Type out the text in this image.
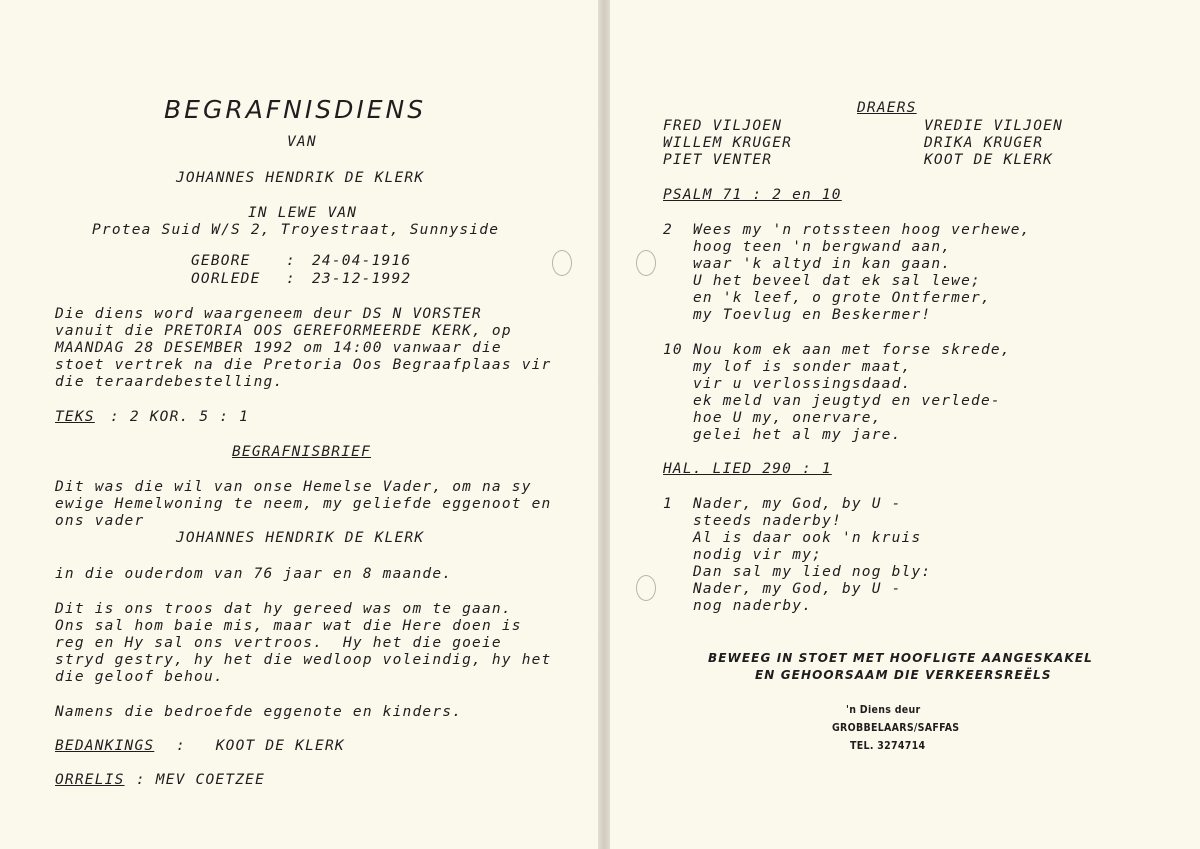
BEGRAFNISDIENS
VAN
JOHANNES HENDRIK DE KLERK
IN LEWE VAN
Protea Suid W/S 2, Troyestraat, Sunnyside
GEBORE : 24-04-1916
OORLEDE : 23-12-1992
Die diens word waargeneem deur DS N VORSTER
vanuit die PRETORIA OOS GEREFORMEERDE KERK, op
MAANDAG 28 DESEMBER 1992 om 14:00 vanwaar die
stoet vertrek na die Pretoria Oos Begraafplaas vir
die teraardebestelling.
TEKS : 2 KOR. 5 : 1
BEGRAFNISBRIEF
Dit was die wil van onse Hemelse Vader, om na sy
ewige Hemelwoning te neem, my geliefde eggenoot en
ons vader
JOHANNES HENDRIK DE KLERK
in die ouderdom van 76 jaar en 8 maande.
Dit is ons troos dat hy gereed was om te gaan.
Ons sal hom baie mis, maar wat die Here doen is
reg en Hy sal ons vertroos.  Hy het die goeie
stryd gestry, hy het die wedloop voleindig, hy het
die geloof behou.
Namens die bedroefde eggenote en kinders.
BEDANKINGS :   KOOT DE KLERK
ORRELIS : MEV COETZEE
DRAERS
FRED VILJOEN
WILLEM KRUGER
PIET VENTER
VREDIE VILJOEN
DRIKA KRUGER
KOOT DE KLERK
PSALM 71 : 2 en 10
2 Wees my 'n rotssteen hoog verhewe,
hoog teen 'n bergwand aan,
waar 'k altyd in kan gaan.
U het beveel dat ek sal lewe;
en 'k leef, o grote Ontfermer,
my Toevlug en Beskermer!
10 Nou kom ek aan met forse skrede,
my lof is sonder maat,
vir u verlossingsdaad.
ek meld van jeugtyd en verlede-
hoe U my, onervare,
gelei het al my jare.
HAL. LIED 290 : 1
1 Nader, my God, by U -
steeds naderby!
Al is daar ook 'n kruis
nodig vir my;
Dan sal my lied nog bly:
Nader, my God, by U -
nog naderby.
BEWEEG IN STOET MET HOOFLIGTE AANGESKAKEL
EN GEHOORSAAM DIE VERKEERSREËLS
'n Diens deur
GROBBELAARS/SAFFAS
TEL. 3274714
